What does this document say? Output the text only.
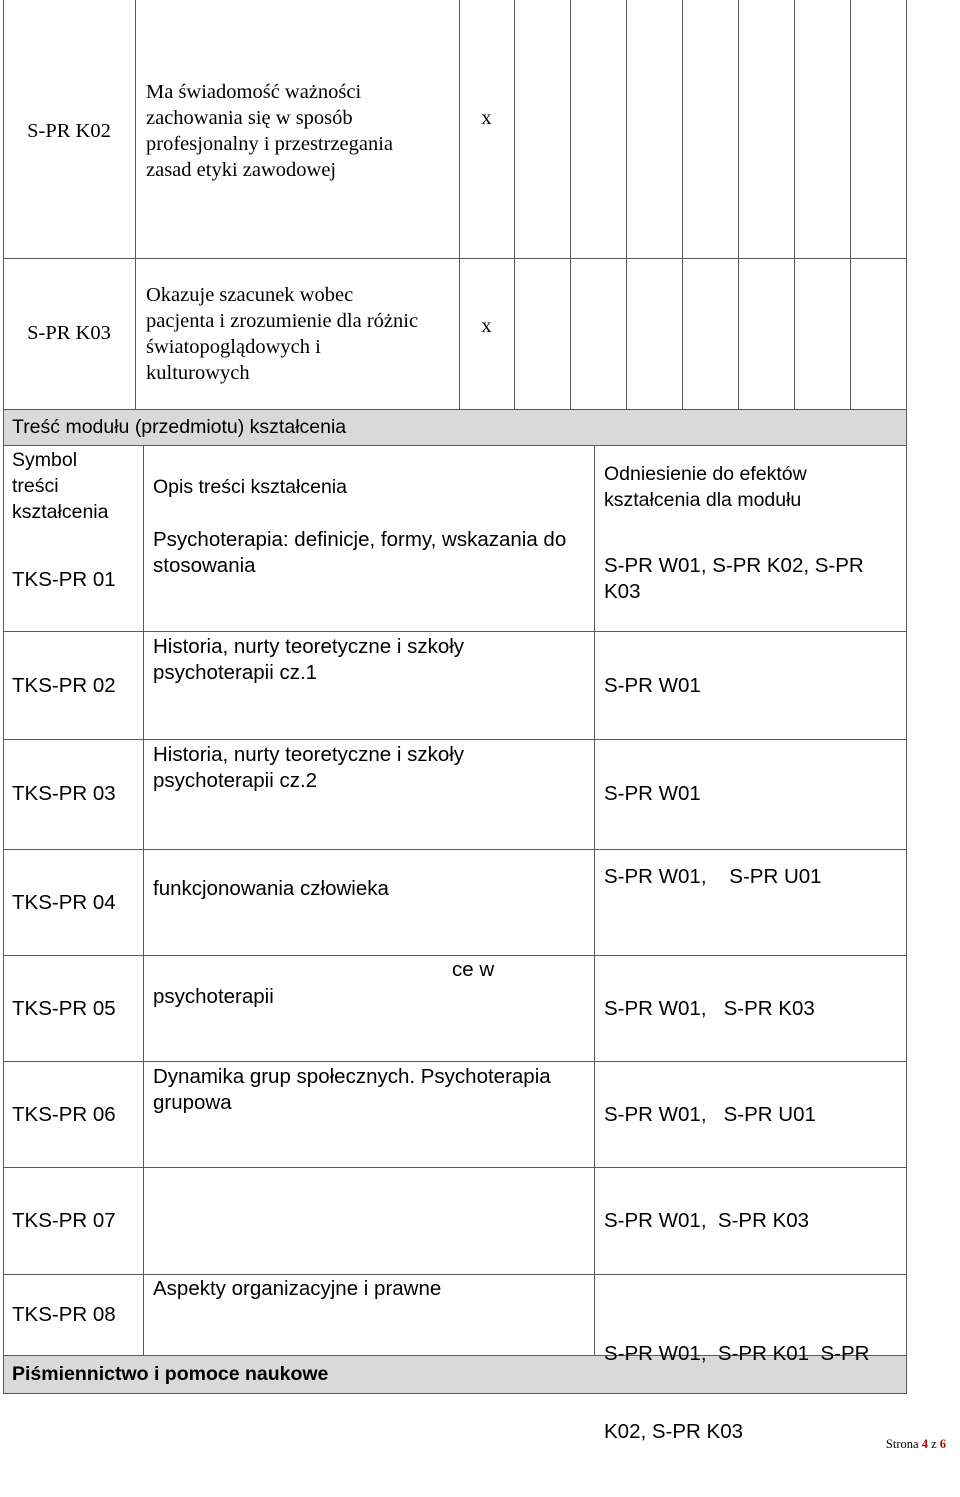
S-PR K02
Ma świadomość ważności
zachowania się w sposób
profesjonalny i przestrzegania
zasad etyki zawodowej
x
S-PR K03
Okazuje szacunek wobec
pacjenta i zrozumienie dla różnic
światopoglądowych i
kulturowych
x
Treść modułu (przedmiotu) kształcenia
Symbol
treści
kształcenia
Opis treści kształcenia
Odniesienie do efektów
kształcenia dla modułu
TKS-PR 01
Psychoterapia: definicje, formy, wskazania do
stosowania	S-PR W01, S-PR K02, S-PR
K03
TKS-PR 02
Historia, nurty teoretyczne i szkoły
psychoterapii cz.1
S-PR W01
TKS-PR 03
Historia, nurty teoretyczne i szkoły
psychoterapii cz.2
S-PR W01
TKS-PR 04
funkcjonowania człowieka
S-PR W01,    S-PR U01
TKS-PR 05
ce w
psychoterapii
S-PR W01,   S-PR K03
TKS-PR 06
Dynamika grup społecznych. Psychoterapia
grupowa
S-PR W01,   S-PR U01
TKS-PR 07	S-PR W01,  S-PR K03
TKS-PR 08
Aspekty organizacyjne i prawne

S-PR W01,  S-PR K01  S-PR

K02, S-PR K03

Piśmiennictwo i pomoce naukowe
Strona 4 z 6
